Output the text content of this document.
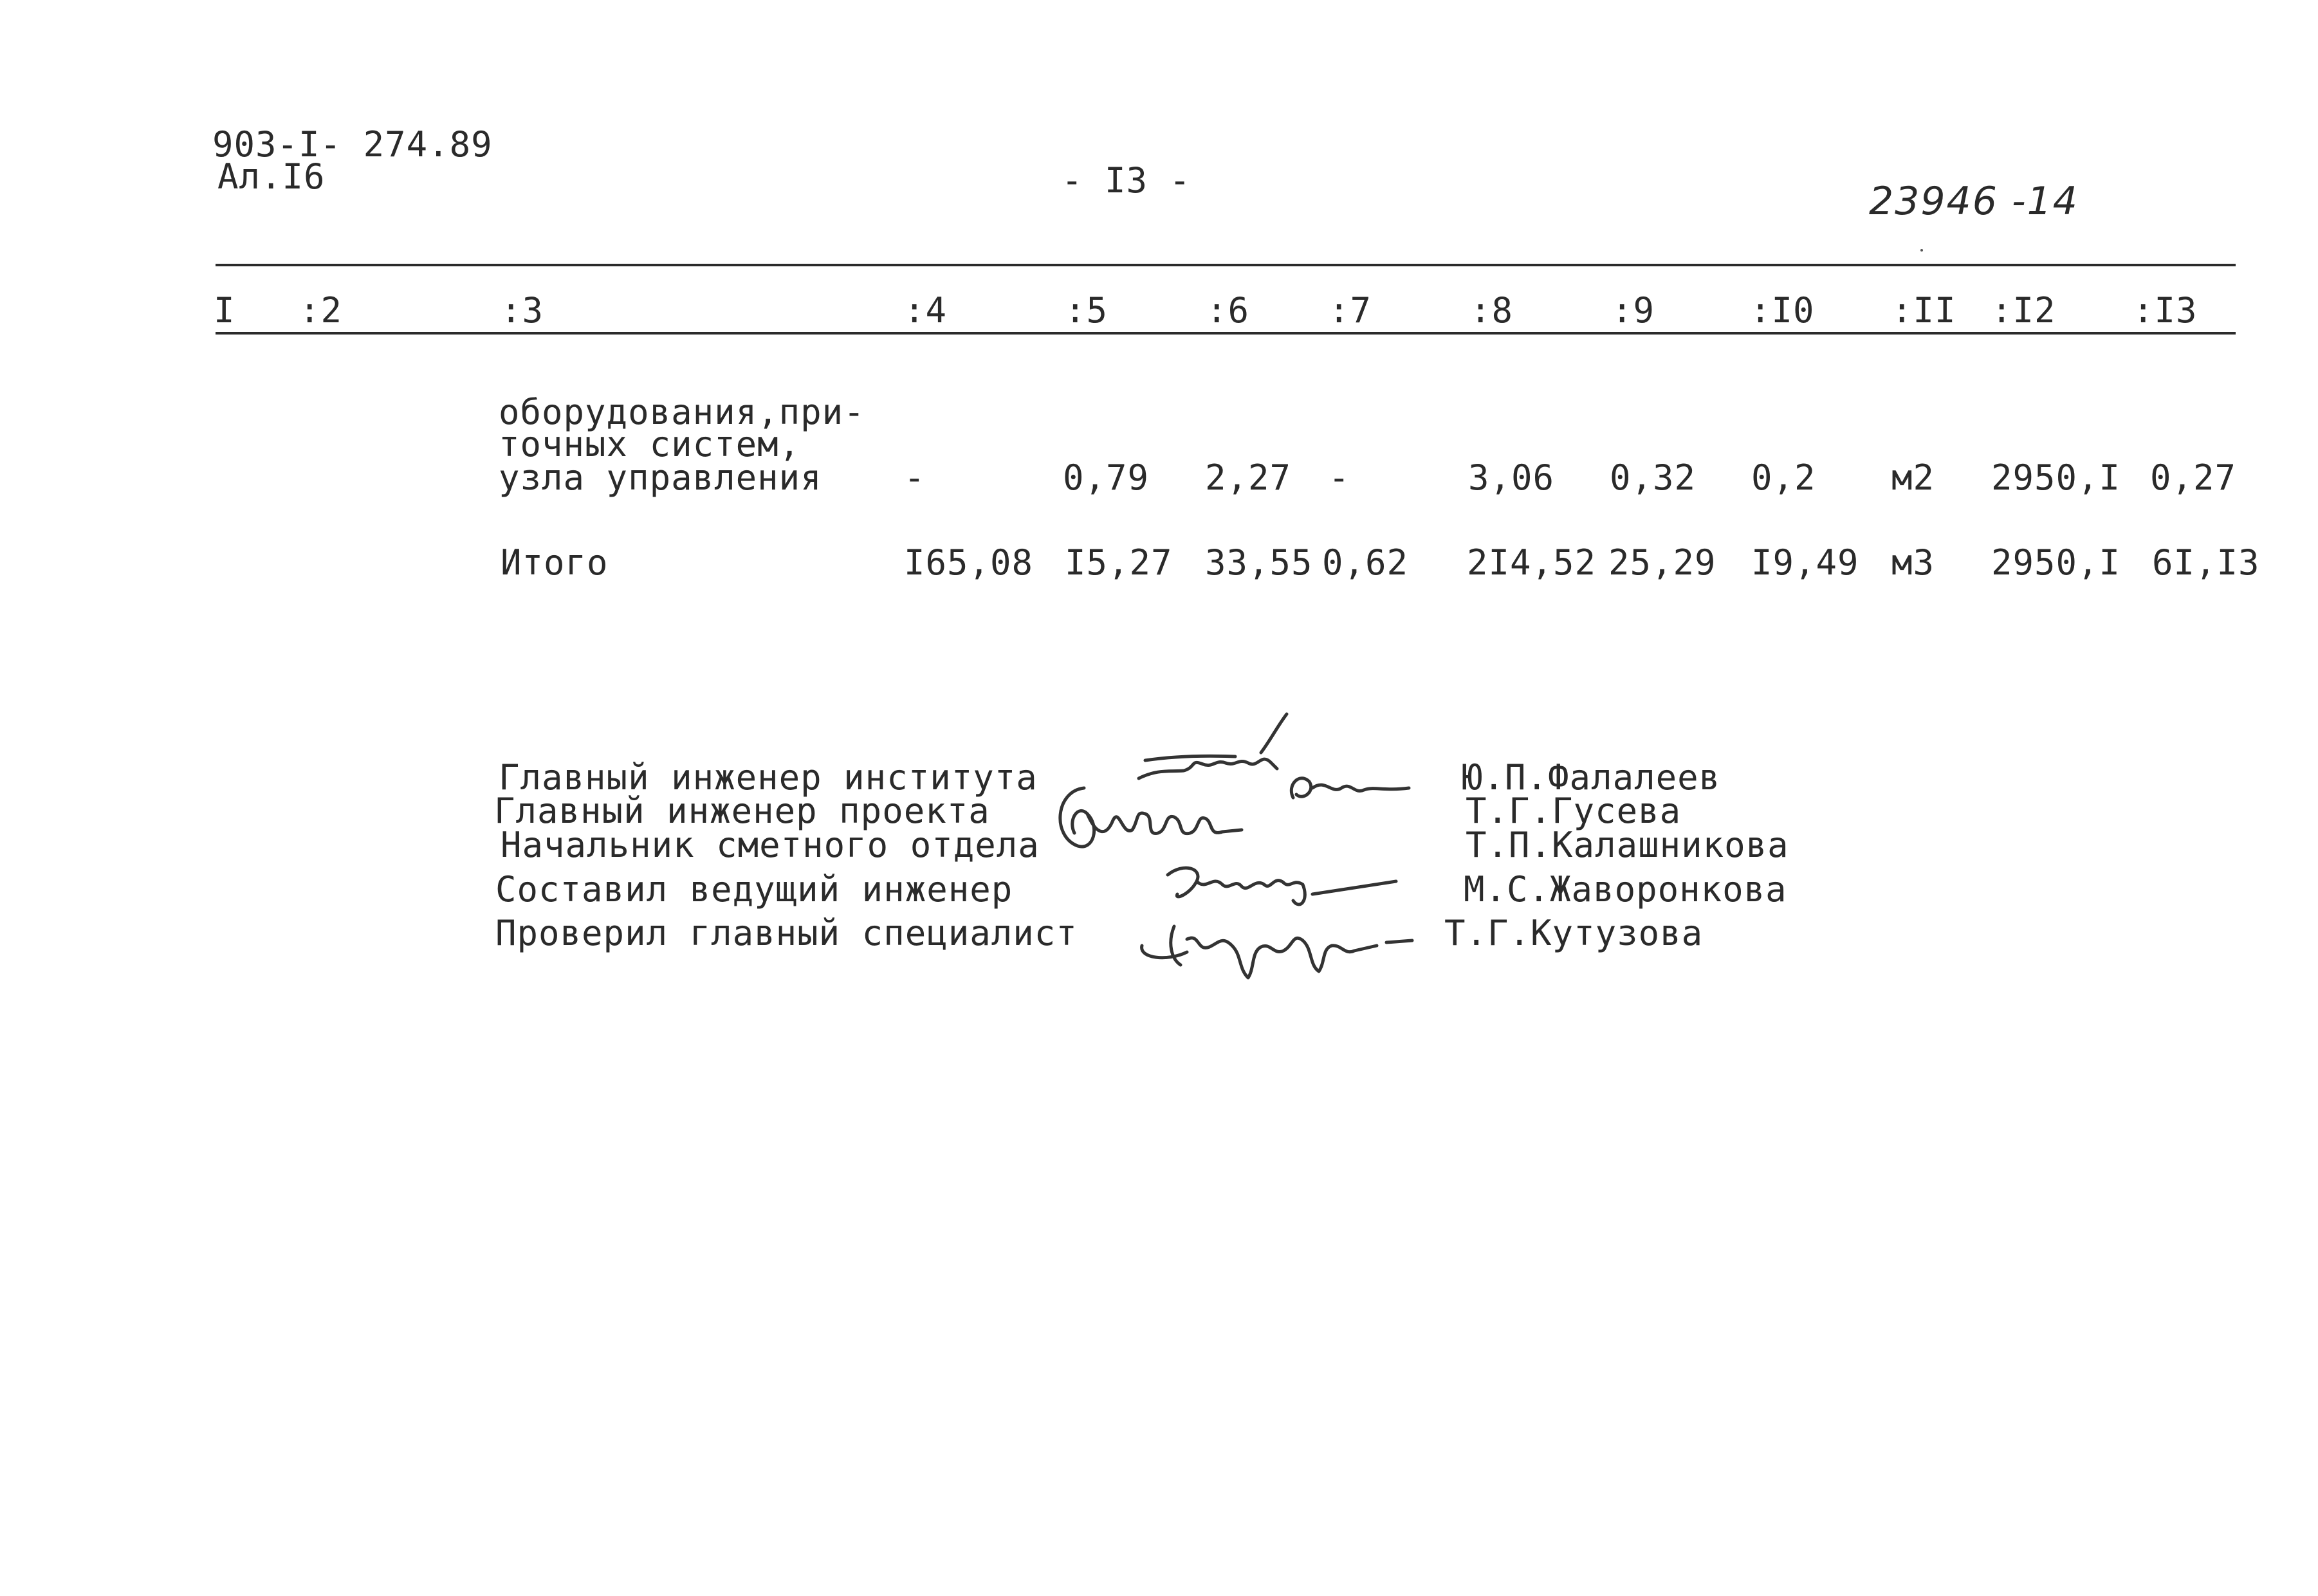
903-I- 274.89
Ал.I6	- I3 -	23946 -14
I :2	:3	:4	:5	:6 :7	:8	:9	:I0 :II :I2 :I3
оборудования,при-
точных систем,
узла управления -	0,79 2,27 -	3,06 0,32 0,2 м2 2950,I 0,27
Итого	I65,08 I5,27 33,55 0,62 2I4,52 25,29 I9,49 м3 2950,I 6I,I3
Главный инженер института
Главный инженер проекта
Начальник сметного отдела
Составил ведущий инженер
Проверил главный специалист
Ю.П.Фалалеев
Т.Г.Гусева
Т.П.Калашникова
М.С.Жаворонкова
Т.Г.Кутузова
